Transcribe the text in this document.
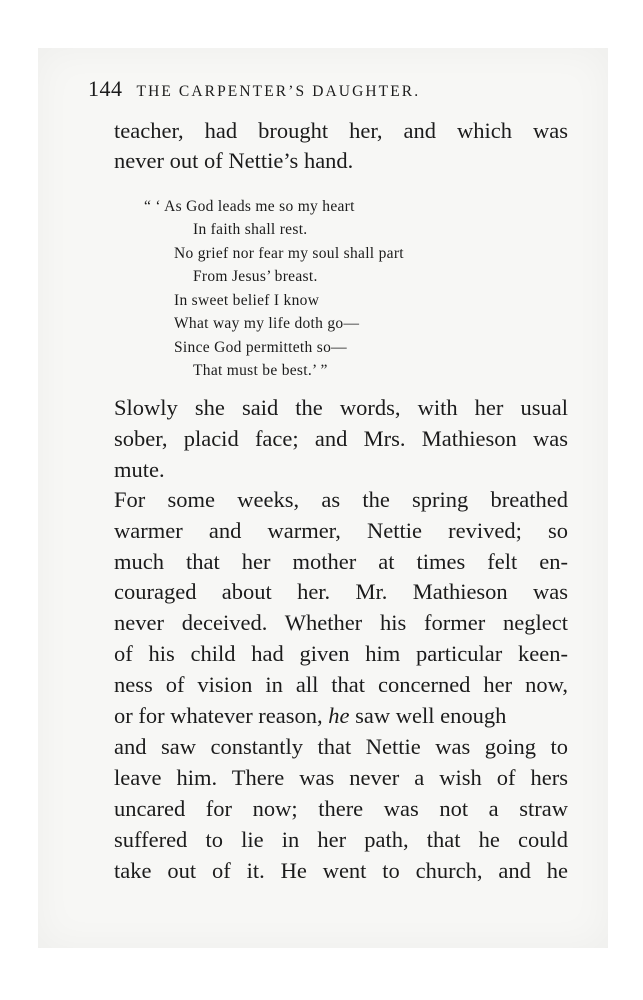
144 THE CARPENTER’S DAUGHTER.
teacher, had brought her, and which was
never out of Nettie’s hand.
“ ‘ As God leads me so my heart
In faith shall rest.
No grief nor fear my soul shall part
From Jesus’ breast.
In sweet belief I know
What way my life doth go—
Since God permitteth so—
That must be best.’ ”
Slowly she said the words, with her usual
sober, placid face; and Mrs. Mathieson was
mute.
For some weeks, as the spring breathed
warmer and warmer, Nettie revived; so
much that her mother at times felt en-
couraged about her. Mr. Mathieson was
never deceived. Whether his former neglect
of his child had given him particular keen-
ness of vision in all that concerned her now,
or for whatever reason, he saw well enough
and saw constantly that Nettie was going to
leave him. There was never a wish of hers
uncared for now; there was not a straw
suffered to lie in her path, that he could
take out of it. He went to church, and he
